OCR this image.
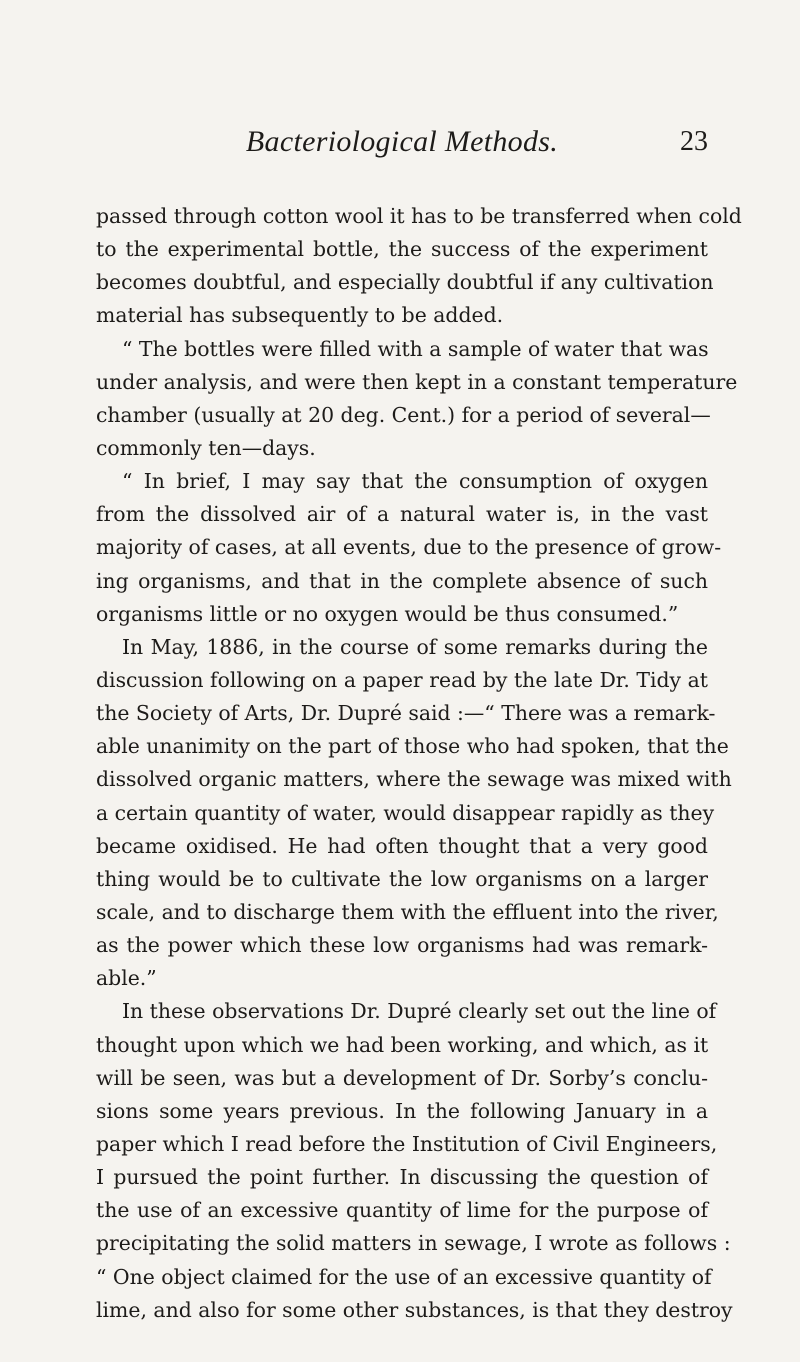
Bacteriological Methods.	23
passed through cotton wool it has to be transferred when cold
to the experimental bottle, the success of the experiment
becomes doubtful, and especially doubtful if any cultivation
material has subsequently to be added.
“ The bottles were filled with a sample of water that was
under analysis, and were then kept in a constant temperature
chamber (usually at 20 deg. Cent.) for a period of several—
commonly ten—days.
“ In brief, I may say that the consumption of oxygen
from the dissolved air of a natural water is, in the vast
majority of cases, at all events, due to the presence of grow-
ing organisms, and that in the complete absence of such
organisms little or no oxygen would be thus consumed.”
In May, 1886, in the course of some remarks during the
discussion following on a paper read by the late Dr. Tidy at
the Society of Arts, Dr. Dupré said :—“ There was a remark-
able unanimity on the part of those who had spoken, that the
dissolved organic matters, where the sewage was mixed with
a certain quantity of water, would disappear rapidly as they
became oxidised. He had often thought that a very good
thing would be to cultivate the low organisms on a larger
scale, and to discharge them with the effluent into the river,
as the power which these low organisms had was remark-
able.”
In these observations Dr. Dupré clearly set out the line of
thought upon which we had been working, and which, as it
will be seen, was but a development of Dr. Sorby’s conclu-
sions some years previous. In the following January in a
paper which I read before the Institution of Civil Engineers,
I pursued the point further. In discussing the question of
the use of an excessive quantity of lime for the purpose of
precipitating the solid matters in sewage, I wrote as follows :
“ One object claimed for the use of an excessive quantity of
lime, and also for some other substances, is that they destroy
